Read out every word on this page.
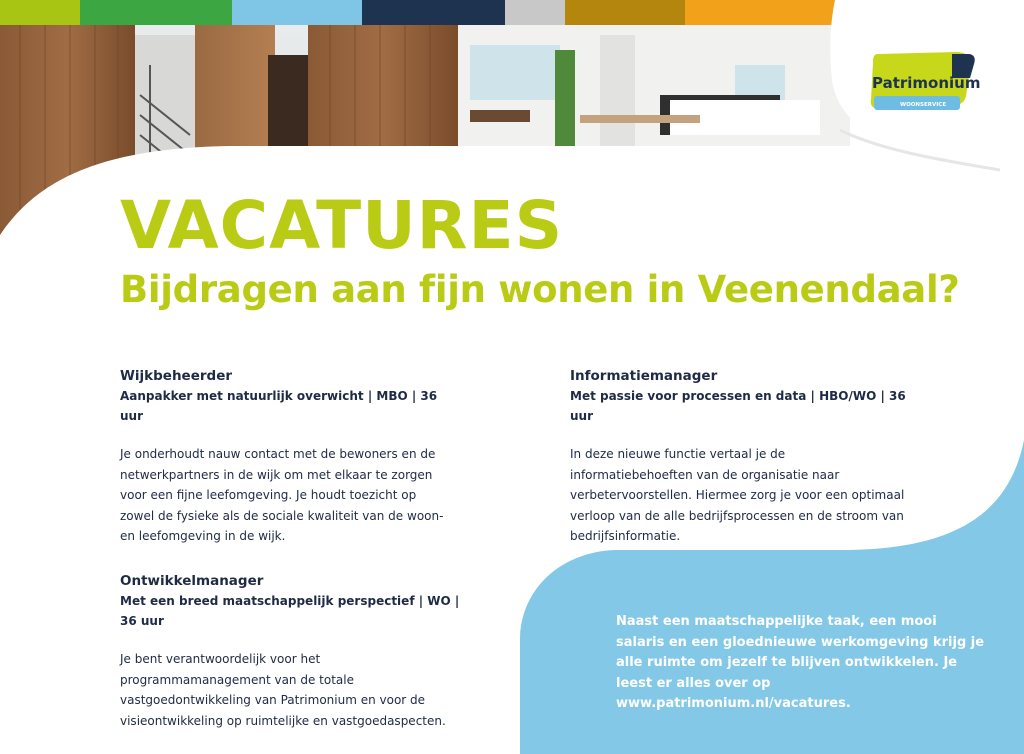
Patrimonium
WOONSERVICE
VACATURES
Bijdragen aan fijn wonen in Veenendaal?
Wijkbeheerder

Aanpakker met natuurlijk overwicht | MBO | 36 uur

Je onderhoudt nauw contact met de bewoners en de netwerkpartners in de wijk om met elkaar te zorgen voor een fijne leefomgeving. Je houdt toezicht op zowel de fysieke als de sociale kwaliteit van de woon- en leefomgeving in de wijk.

Informatiemanager

Met passie voor processen en data | HBO/WO | 36 uur

In deze nieuwe functie vertaal je de informatiebehoeften van de organisatie naar verbetervoorstellen. Hiermee zorg je voor een optimaal verloop van de alle bedrijfsprocessen en de stroom van bedrijfsinformatie.

Ontwikkelmanager

Met een breed maatschappelijk perspectief | WO | 36 uur

Je bent verantwoordelijk voor het programmamanagement van de totale vastgoedontwikkeling van Patrimonium en voor de visieontwikkeling op ruimtelijke en vastgoedaspecten.

Naast een maatschappelijke taak, een mooi salaris en een gloednieuwe werkomgeving krijg je alle ruimte om jezelf te blijven ontwikkelen. Je leest er alles over op
www.patrimonium.nl/vacatures.
